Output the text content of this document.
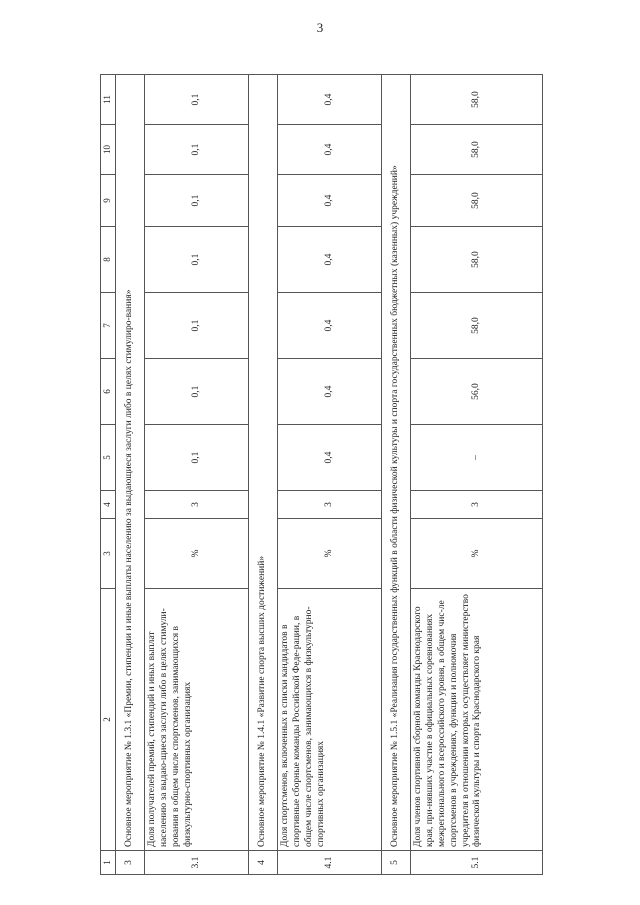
3
1	2	3	4	5	6	7	8	9	10	11
3	Основное мероприятие № 1.3.1 «Премии, стипендии и иные выплаты населению за выдающиеся заслуги либо в целях стимулиро-вания»									
3.1	Доля получателей премий, стипендий и иных выплат населению за выдаю-щиеся заслуги либо в целях стимули-рования в общем числе спортсменов, занимающихся в физкультурно-спортивных организациях	%	3	0,1	0,1	0,1	0,1	0,1	0,1	0,1
4	Основное мероприятие № 1.4.1 «Развитие спорта высших достижений»									
4.1	Доля спортсменов, включенных в списки кандидатов в спортивные сборные команды Российской Феде-рации, в общем числе спортсменов, занимающихся в физкультурно-спортивных организациях	%	3	0,4	0,4	0,4	0,4	0,4	0,4	0,4
5	Основное мероприятие № 1.5.1 «Реализация государственных функций в области физической культуры и спорта государственных бюджетных (казенных) учреждений»									
5.1	Доля членов спортивной сборной команды Краснодарского края, при-нявших участие в официальных соревнованиях межрегионального и всероссийского уровня, в общем чис-ле спортсменов в учреждениях, функции и полномочия учредителя в отношении которых осуществляет министерство физической культуры и спорта Краснодарского края	%	3	–	56,0	58,0	58,0	58,0	58,0	58,0
